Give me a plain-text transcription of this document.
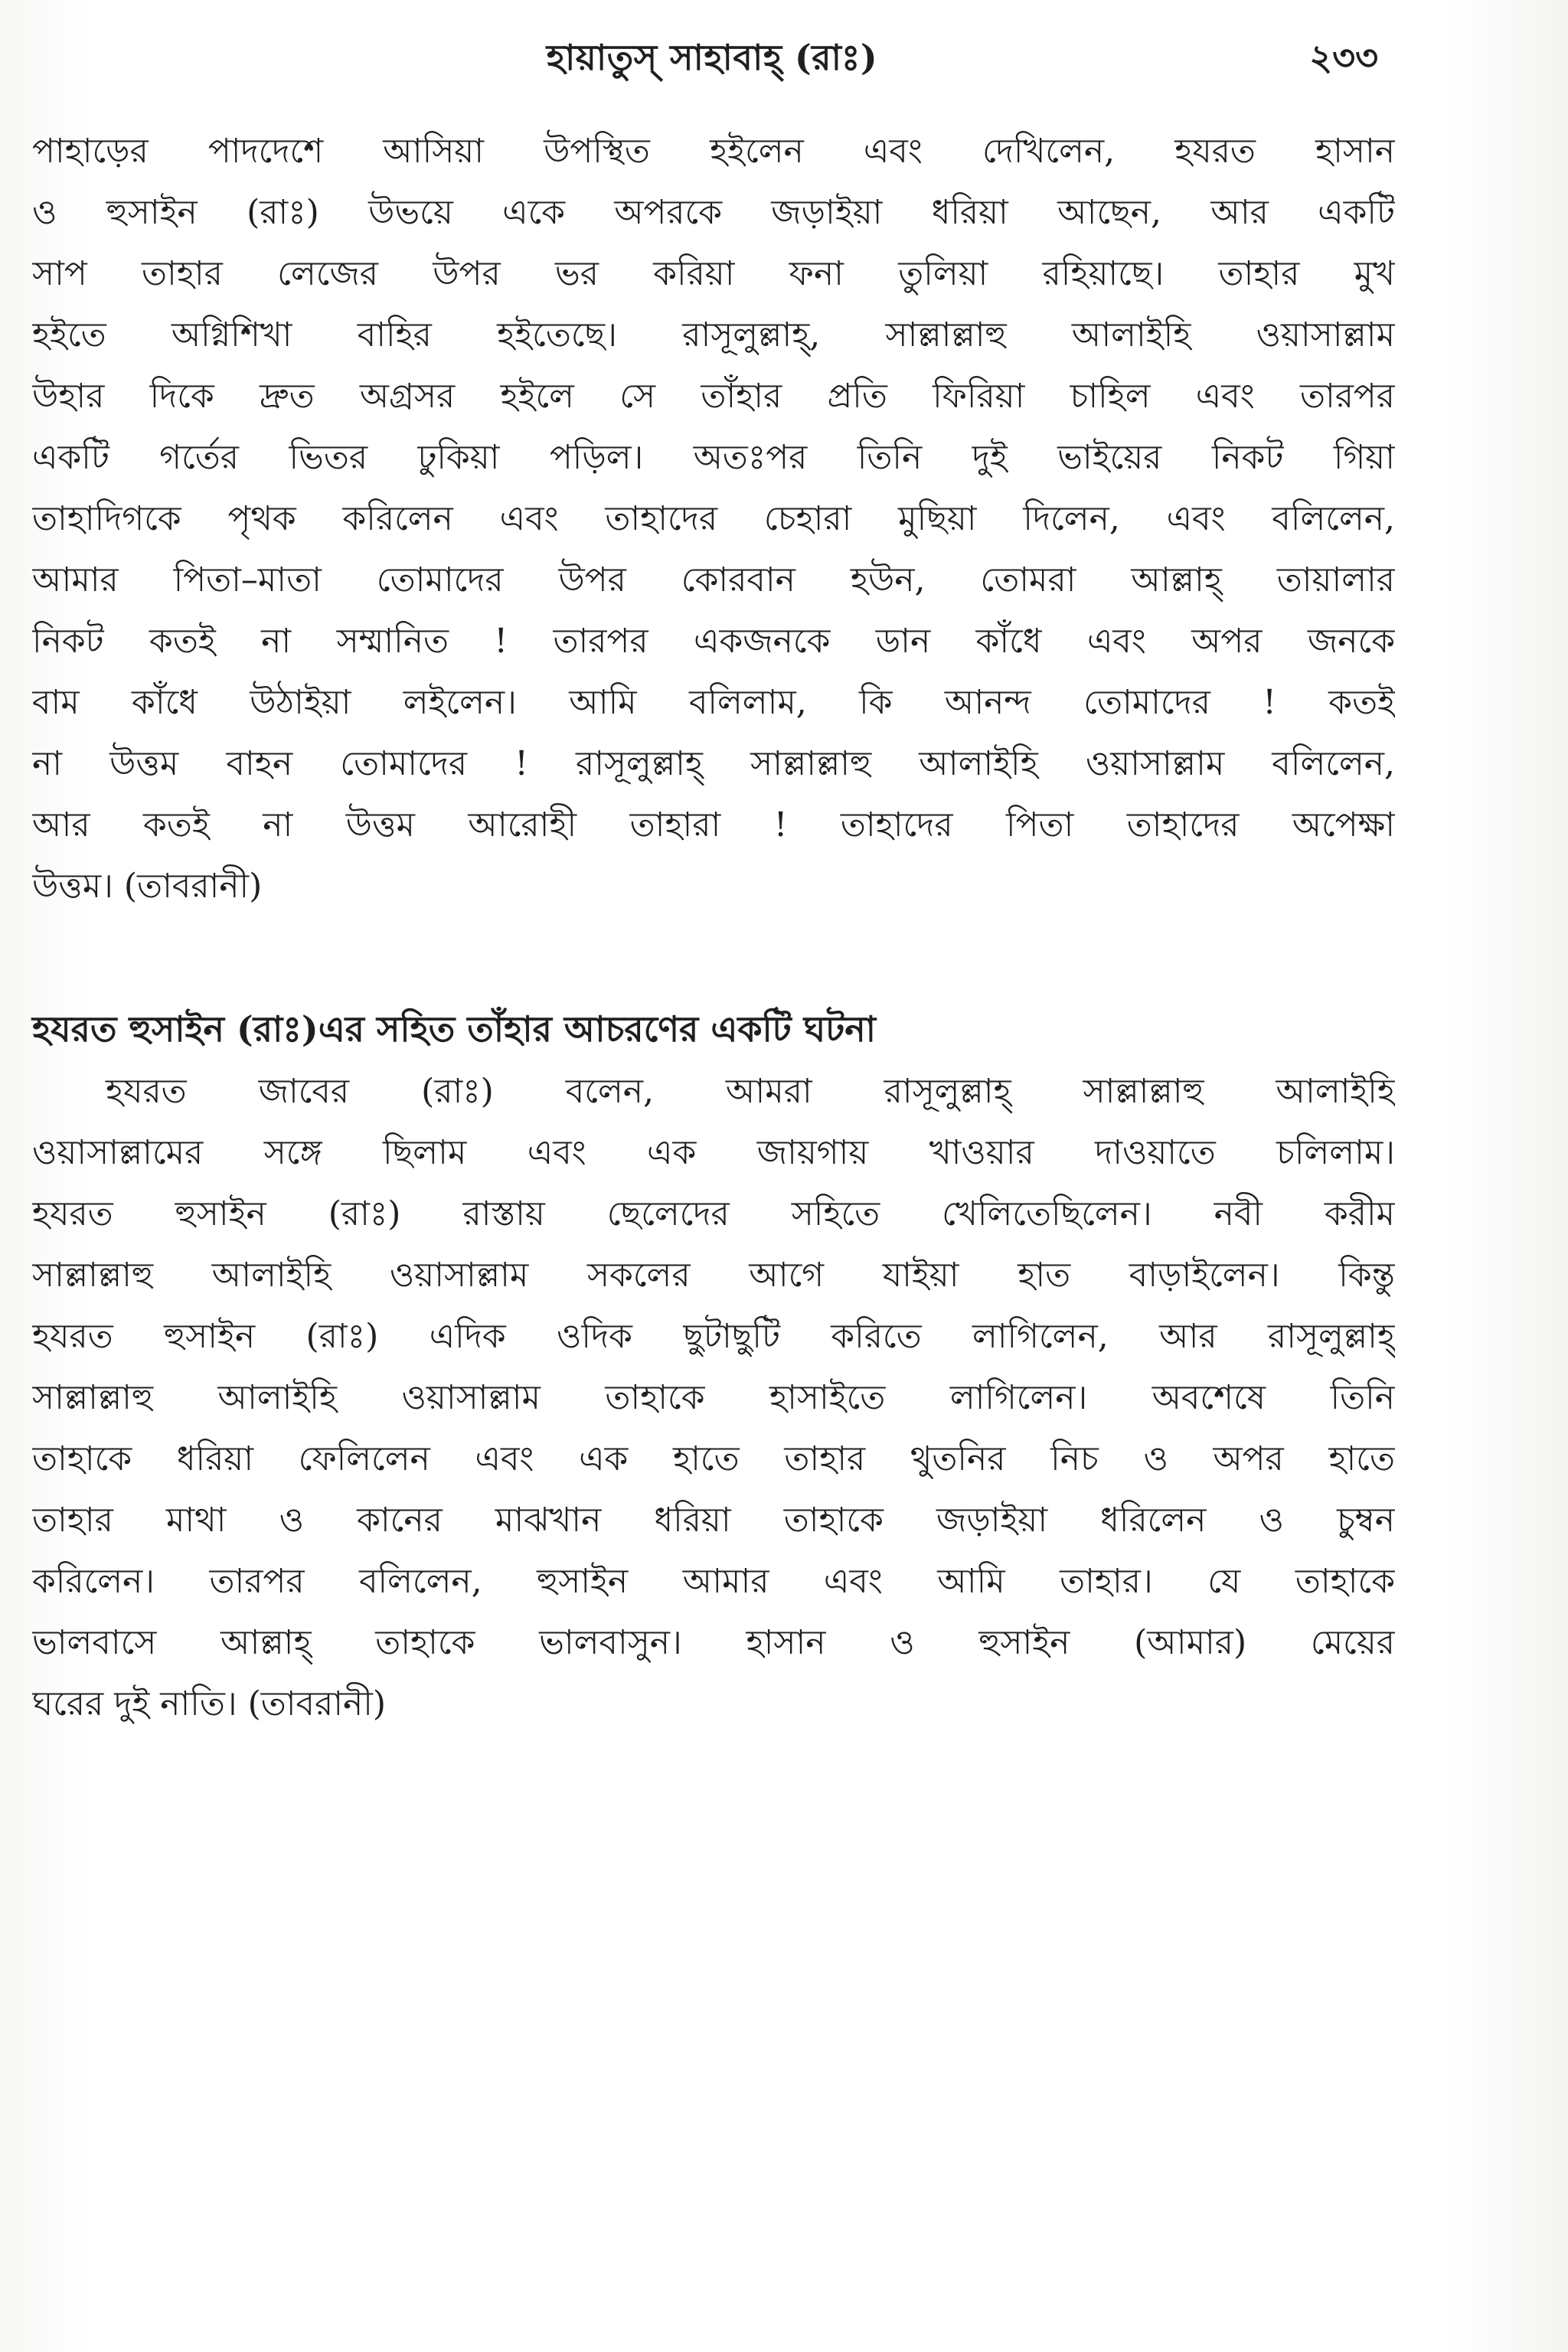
হায়াতুস্ সাহাবাহ্ (রাঃ)	২৩৩
পাহাড়ের পাদদেশে আসিয়া উপস্থিত হইলেন এবং দেখিলেন, হযরত হাসান
ও হুসাইন (রাঃ) উভয়ে একে অপরকে জড়াইয়া ধরিয়া আছেন, আর একটি
সাপ তাহার লেজের উপর ভর করিয়া ফনা তুলিয়া রহিয়াছে। তাহার মুখ
হইতে অগ্নিশিখা বাহির হইতেছে। রাসূলুল্লাহ্, সাল্লাল্লাহু আলাইহি ওয়াসাল্লাম
উহার দিকে দ্রুত অগ্রসর হইলে সে তাঁহার প্রতি ফিরিয়া চাহিল এবং তারপর
একটি গর্তের ভিতর ঢুকিয়া পড়িল। অতঃপর তিনি দুই ভাইয়ের নিকট গিয়া
তাহাদিগকে পৃথক করিলেন এবং তাহাদের চেহারা মুছিয়া দিলেন, এবং বলিলেন,
আমার পিতা–মাতা তোমাদের উপর কোরবান হউন, তোমরা আল্লাহ্ তায়ালার
নিকট কতই না সম্মানিত ! তারপর একজনকে ডান কাঁধে এবং অপর জনকে
বাম কাঁধে উঠাইয়া লইলেন। আমি বলিলাম, কি আনন্দ তোমাদের ! কতই
না উত্তম বাহন তোমাদের ! রাসূলুল্লাহ্ সাল্লাল্লাহু আলাইহি ওয়াসাল্লাম বলিলেন,
আর কতই না উত্তম আরোহী তাহারা ! তাহাদের পিতা তাহাদের অপেক্ষা
উত্তম। (তাবরানী)
হযরত হুসাইন (রাঃ)এর সহিত তাঁহার আচরণের একটি ঘটনা
হযরত জাবের (রাঃ) বলেন, আমরা রাসূলুল্লাহ্ সাল্লাল্লাহু আলাইহি
ওয়াসাল্লামের সঙ্গে ছিলাম এবং এক জায়গায় খাওয়ার দাওয়াতে চলিলাম।
হযরত হুসাইন (রাঃ) রাস্তায় ছেলেদের সহিতে খেলিতেছিলেন। নবী করীম
সাল্লাল্লাহু আলাইহি ওয়াসাল্লাম সকলের আগে যাইয়া হাত বাড়াইলেন। কিন্তু
হযরত হুসাইন (রাঃ) এদিক ওদিক ছুটাছুটি করিতে লাগিলেন, আর রাসূলুল্লাহ্
সাল্লাল্লাহু আলাইহি ওয়াসাল্লাম তাহাকে হাসাইতে লাগিলেন। অবশেষে তিনি
তাহাকে ধরিয়া ফেলিলেন এবং এক হাতে তাহার থুতনির নিচ ও অপর হাতে
তাহার মাথা ও কানের মাঝখান ধরিয়া তাহাকে জড়াইয়া ধরিলেন ও চুম্বন
করিলেন। তারপর বলিলেন, হুসাইন আমার এবং আমি তাহার। যে তাহাকে
ভালবাসে আল্লাহ্ তাহাকে ভালবাসুন। হাসান ও হুসাইন (আমার) মেয়ের
ঘরের দুই নাতি। (তাবরানী)
